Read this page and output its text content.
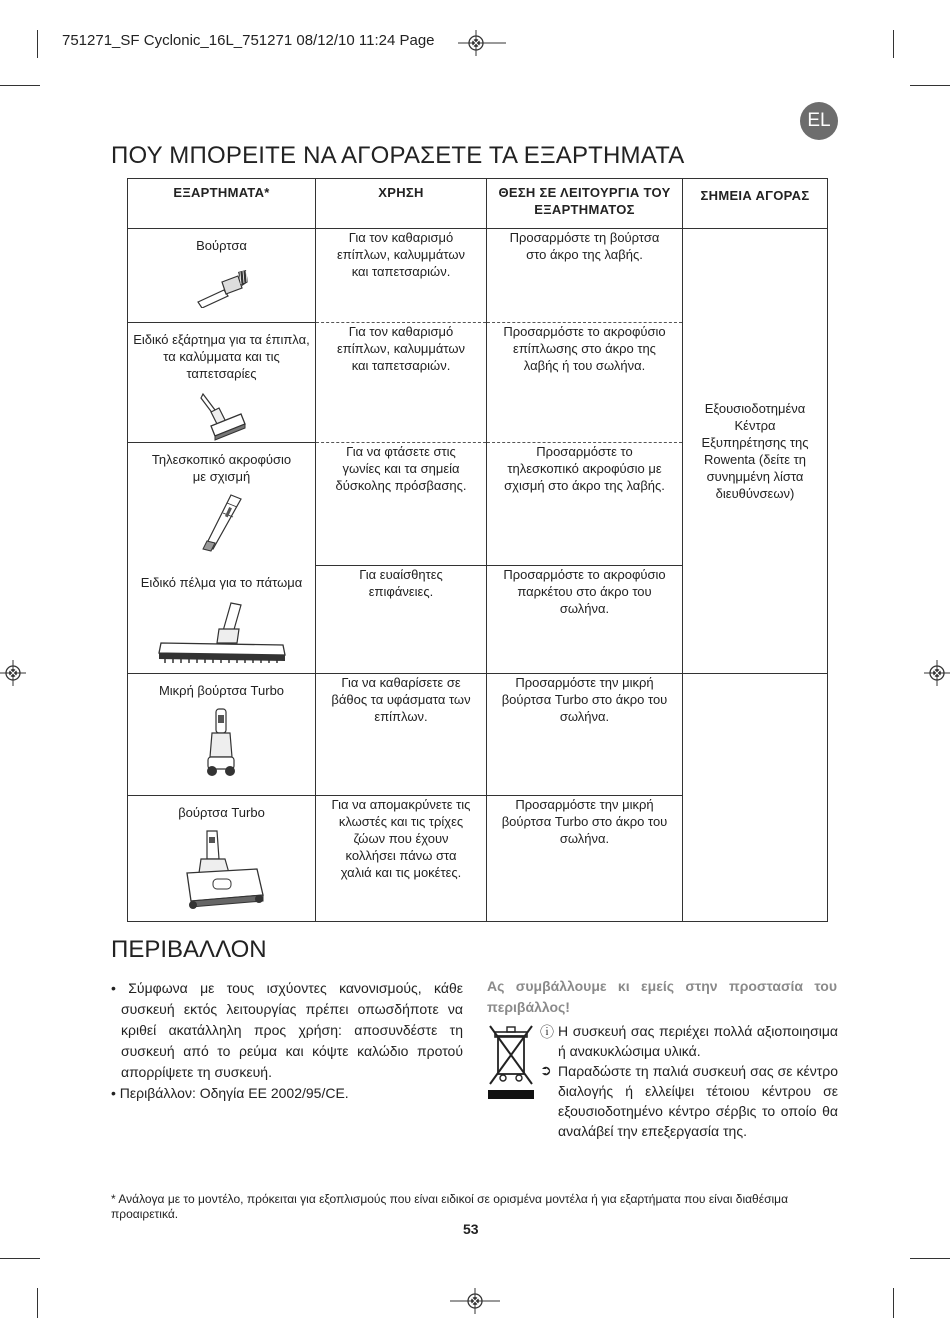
751271_SF Cyclonic_16L_751271 08/12/10 11:24 Page
EL
ΠΟΥ ΜΠΟΡΕΙΤΕ ΝΑ ΑΓΟΡΑΣΕΤΕ ΤΑ ΕΞΑΡΤΗΜΑΤΑ
ΕΞΑΡΤΗΜΑΤΑ*	ΧΡΗΣΗ	ΘΕΣΗ ΣΕ ΛΕΙΤΟΥΡΓΙΑ ΤΟΥ ΕΞΑΡΤΗΜΑΤΟΣ	ΣΗΜΕΙΑ ΑΓΟΡΑΣ

Βούρτσα	Για τον καθαρισμό επίπλων, καλυμμάτων και ταπετσαριών.	Προσαρμόστε τη βούρτσα στο άκρο της λαβής.	Εξουσιοδοτημένα Κέντρα Εξυπηρέτησης της Rowenta (δείτε τη συνημμένη λίστα διευθύνσεων)

Ειδικό εξάρτημα για τα έπιπλα, τα καλύμματα και τις ταπετσαρίες	Για τον καθαρισμό επίπλων, καλυμμάτων και ταπετσαριών.	Προσαρμόστε το ακροφύσιο επίπλωσης στο άκρο της λαβής ή του σωλήνα.	

Τηλεσκοπικό ακροφύσιο με σχισμή	Για να φτάσετε στις γωνίες και τα σημεία δύσκολης πρόσβασης.	Προσαρμόστε το τηλεσκοπικό ακροφύσιο με σχισμή στο άκρο της λαβής.	

Ειδικό πέλμα για το πάτωμα	Για ευαίσθητες επιφάνειες.	Προσαρμόστε το ακροφύσιο παρκέτου στο άκρο του σωλήνα.	

Μικρή βούρτσα Turbo	Για να καθαρίσετε σε βάθος τα υφάσματα των επίπλων.	Προσαρμόστε την μικρή βούρτσα Turbo στο άκρο του σωλήνα.	

βούρτσα Turbo	Για να απομακρύνετε τις κλωστές και τις τρίχες ζώων που έχουν κολλήσει πάνω στα χαλιά και τις μοκέτες.	Προσαρμόστε την μικρή βούρτσα Turbo στο άκρο του σωλήνα.	
ΠΕΡΙΒΑΛΛΟΝ

• Σύμφωνα με τους ισχύοντες κανονισμούς, κάθε συσκευή εκτός λειτουργίας πρέπει οπωσδήποτε να κριθεί ακατάλληλη προς χρήση: αποσυνδέστε τη συσκευή από το ρεύμα και κόψτε καλώδιο προτού απορρίψετε τη συσκευή.

• Περιβάλλον: Οδηγία ΕΕ 2002/95/CE.

Ας συμβάλλουμε κι εμείς στην προστασία του περιβάλλος!
ⓘ Η συσκευή σας περιέχει πολλά αξιοποιησιμα ή ανακυκλώσιμα υλικά.
➲ Παραδώστε τη παλιά συσκευή σας σε κέντρο διαλογής ή ελλείψει τέτοιου κέντρου σε εξουσιοδοτημένο κέντρο σέρβις το οποίο θα αναλάβεί την επεξεργασία της.
* Ανάλογα με το μοντέλο, πρόκειται για εξοπλισμούς που είναι ειδικοί σε ορισμένα μοντέλα ή για εξαρτήματα που είναι διαθέσιμα προαιρετικά.
53
